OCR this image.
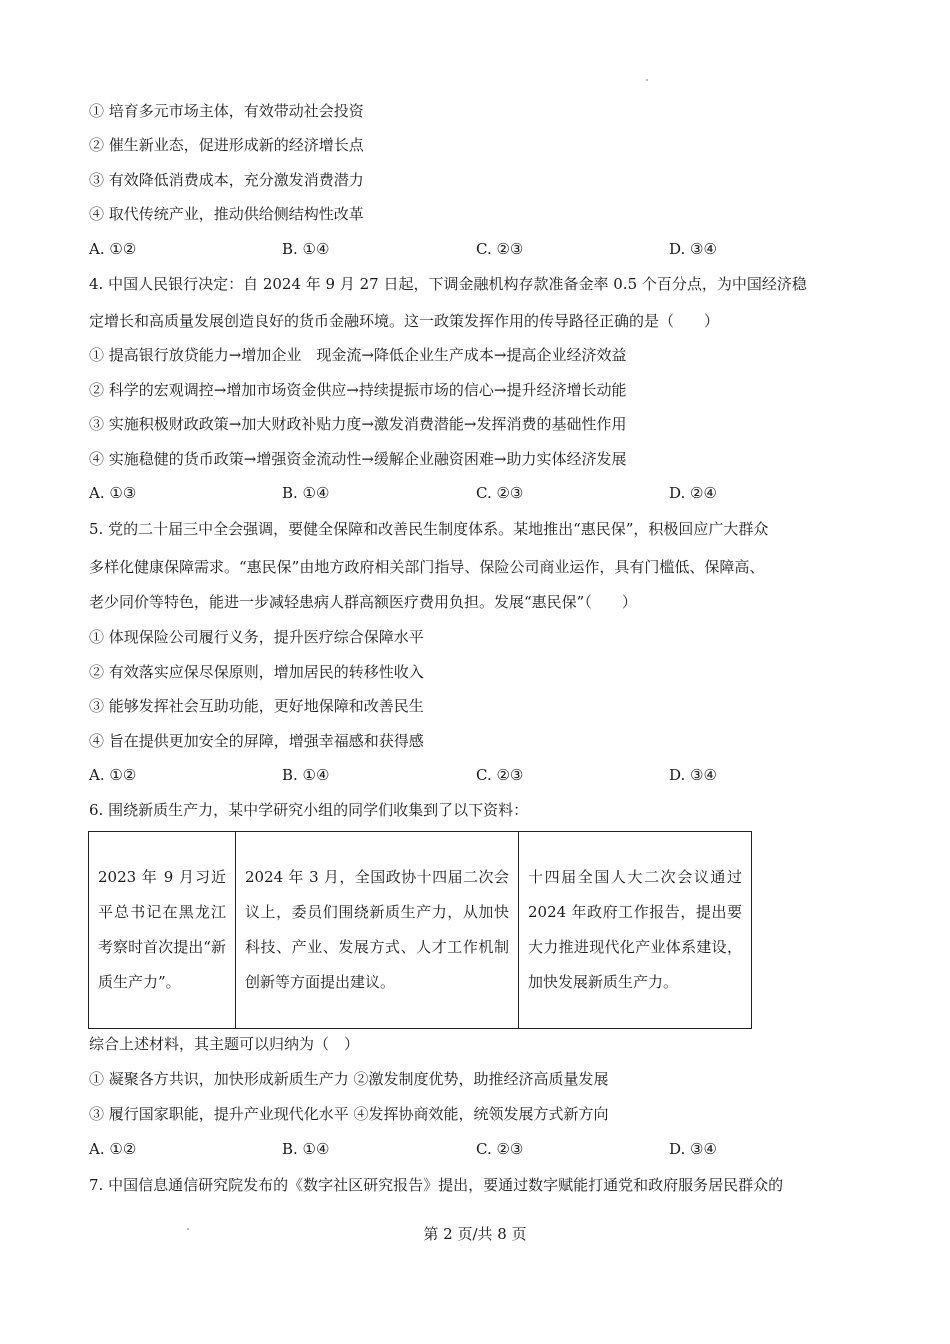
① 培育多元市场主体，有效带动社会投资
② 催生新业态，促进形成新的经济增长点
③ 有效降低消费成本，充分激发消费潜力
④ 取代传统产业，推动供给侧结构性改革
A. ①②	B. ①④	C. ②③	D. ③④
4. 中国人民银行决定：自 2024 年 9 月 27 日起，下调金融机构存款准备金率 0.5 个百分点，为中国经济稳
定增长和高质量发展创造良好的货币金融环境。这一政策发挥作用的传导路径正确的是（　　）
① 提高银行放贷能力→增加企业　现金流→降低企业生产成本→提高企业经济效益
② 科学的宏观调控→增加市场资金供应→持续提振市场的信心→提升经济增长动能
③ 实施积极财政政策→加大财政补贴力度→激发消费潜能→发挥消费的基础性作用
④ 实施稳健的货币政策→增强资金流动性→缓解企业融资困难→助力实体经济发展
A. ①③	B. ①④	C. ②③	D. ②④
5. 党的二十届三中全会强调，要健全保障和改善民生制度体系。某地推出“惠民保”，积极回应广大群众
多样化健康保障需求。“惠民保”由地方政府相关部门指导、保险公司商业运作，具有门槛低、保障高、
老少同价等特色，能进一步减轻患病人群高额医疗费用负担。发展“惠民保”（　　）
① 体现保险公司履行义务，提升医疗综合保障水平
② 有效落实应保尽保原则，增加居民的转移性收入
③ 能够发挥社会互助功能，更好地保障和改善民生
④ 旨在提供更加安全的屏障，增强幸福感和获得感
A. ①②	B. ①④	C. ②③	D. ③④
6. 围绕新质生产力，某中学研究小组的同学们收集到了以下资料：
2023 年 9 月习近平总书记在黑龙江考察时首次提出“新质生产力”。	2024 年 3 月，全国政协十四届二次会议上，委员们围绕新质生产力，从加快科技、产业、发展方式、人才工作机制创新等方面提出建议。	十四届全国人大二次会议通过 2024 年政府工作报告，提出要大力推进现代化产业体系建设，加快发展新质生产力。
综合上述材料，其主题可以归纳为（　）
① 凝聚各方共识，加快形成新质生产力 ②激发制度优势，助推经济高质量发展
③ 履行国家职能，提升产业现代化水平 ④发挥协商效能，统领发展方式新方向
A. ①②	B. ①④	C. ②③	D. ③④
7. 中国信息通信研究院发布的《数字社区研究报告》提出，要通过数字赋能打通党和政府服务居民群众的
第 2 页/共 8 页
